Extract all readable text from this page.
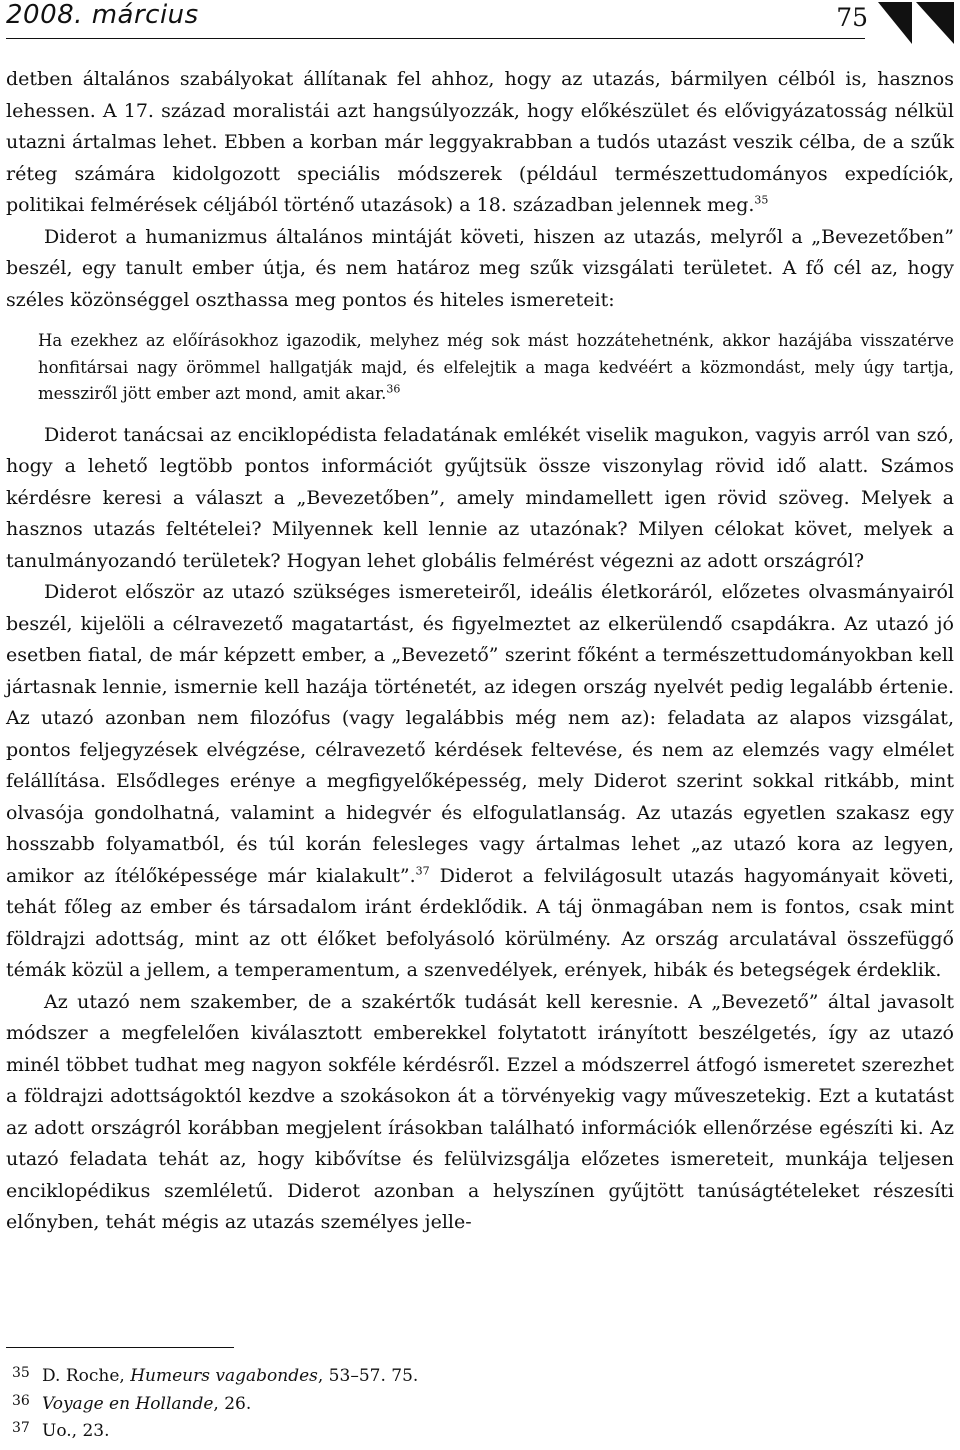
2008. március	75

detben általános szabályokat állítanak fel ahhoz, hogy az utazás, bármilyen célból is, hasznos lehessen. A 17. század moralistái azt hangsúlyozzák, hogy előkészület és elővigyázatosság nélkül utazni ártalmas lehet. Ebben a korban már leggyakrabban a tudós utazást veszik célba, de a szűk réteg számára kidolgozott speciális módszerek (például természettudományos expedíciók, politikai felmérések céljából történő utazások) a 18. században jelennek meg.$^{35}$

Diderot a humanizmus általános mintáját követi, hiszen az utazás, melyről a „Bevezetőben” beszél, egy tanult ember útja, és nem határoz meg szűk vizsgálati területet. A fő cél az, hogy széles közönséggel oszthassa meg pontos és hiteles ismereteit:

Ha ezekhez az előírásokhoz igazodik, melyhez még sok mást hozzátehetnénk, akkor hazájába visszatérve honfitársai nagy örömmel hallgatják majd, és elfelejtik a maga kedvéért a közmondást, mely úgy tartja, messziről jött ember azt mond, amit akar.$^{36}$

Diderot tanácsai az enciklopédista feladatának emlékét viselik magukon, vagyis arról van szó, hogy a lehető legtöbb pontos információt gyűjtsük össze viszonylag rövid idő alatt. Számos kérdésre keresi a választ a „Bevezetőben”, amely mindamellett igen rövid szöveg. Melyek a hasznos utazás feltételei? Milyennek kell lennie az utazónak? Milyen célokat követ, melyek a tanulmányozandó területek? Hogyan lehet globális felmérést végezni az adott országról?

Diderot először az utazó szükséges ismereteiről, ideális életkoráról, előzetes olvasmányairól beszél, kijelöli a célravezető magatartást, és figyelmeztet az elkerülendő csapdákra. Az utazó jó esetben fiatal, de már képzett ember, a „Bevezető” szerint főként a természettudományokban kell jártasnak lennie, ismernie kell hazája történetét, az idegen ország nyelvét pedig legalább értenie. Az utazó azonban nem filozófus (vagy legalábbis még nem az): feladata az alapos vizsgálat, pontos feljegyzések elvégzése, célravezető kérdések feltevése, és nem az elemzés vagy elmélet felállítása. Elsődleges erénye a megfigyelőképesség, mely Diderot szerint sokkal ritkább, mint olvasója gondolhatná, valamint a hidegvér és elfogulatlanság. Az utazás egyetlen szakasz egy hosszabb folyamatból, és túl korán felesleges vagy ártalmas lehet „az utazó kora az legyen, amikor az ítélőképessége már kialakult”.$^{37}$ Diderot a felvilágosult utazás hagyományait követi, tehát főleg az ember és társadalom iránt érdeklődik. A táj önmagában nem is fontos, csak mint földrajzi adottság, mint az ott élőket befolyásoló körülmény. Az ország arculatával összefüggő témák közül a jellem, a temperamentum, a szenvedélyek, erények, hibák és betegségek érdeklik.

Az utazó nem szakember, de a szakértők tudását kell keresnie. A „Bevezető” által javasolt módszer a megfelelően kiválasztott emberekkel folytatott irányított beszélgetés, így az utazó minél többet tudhat meg nagyon sokféle kérdésről. Ezzel a módszerrel átfogó ismeretet szerezhet a földrajzi adottságoktól kezdve a szokásokon át a törvényekig vagy műveszetekig. Ezt a kutatást az adott országról korábban megjelent írásokban található információk ellenőrzése egészíti ki. Az utazó feladata tehát az, hogy kibővítse és felülvizsgálja előzetes ismereteit, munkája teljesen enciklopédikus szemléletű. Diderot azonban a helyszínen gyűjtött tanúságtételeket részesíti előnyben, tehát mégis az utazás személyes jelle-

35 D. Roche, Humeurs vagabondes, 53–57. 75.
36 Voyage en Hollande, 26.
37 Uo., 23.
